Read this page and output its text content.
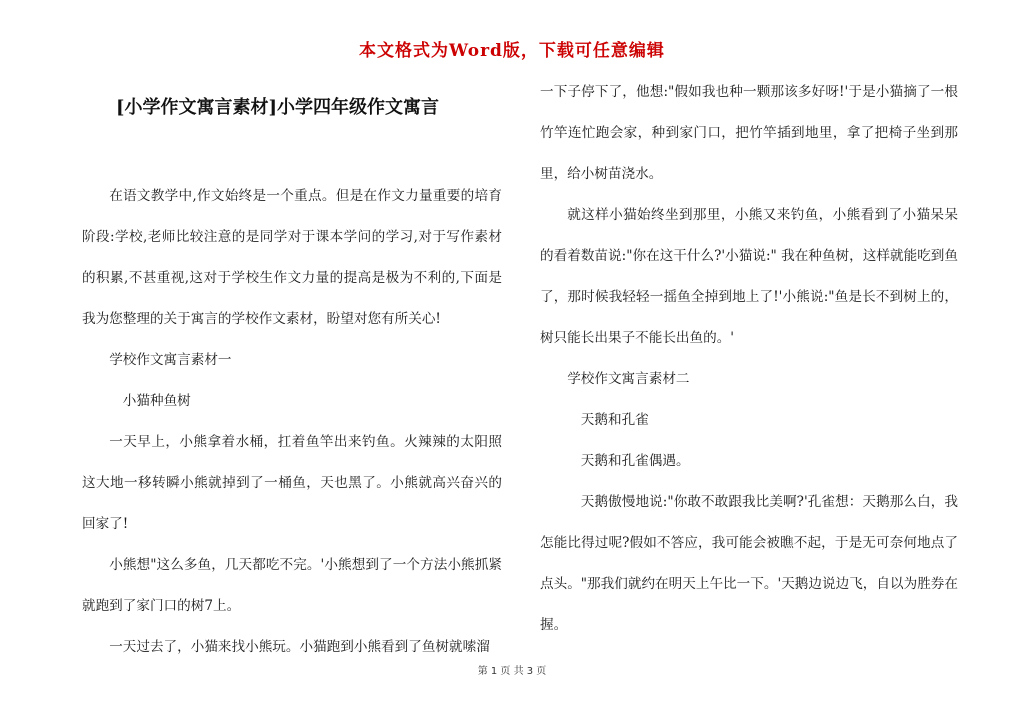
本文格式为Word版，下载可任意编辑
[小学作文寓言素材]小学四年级作文寓言

在语文教学中,作文始终是一个重点。但是在作文力量重要的培育阶段:学校,老师比较注意的是同学对于课本学问的学习,对于写作素材的积累,不甚重视,这对于学校生作文力量的提高是极为不利的,下面是我为您整理的关于寓言的学校作文素材，盼望对您有所关心!

学校作文寓言素材一

小猫种鱼树

一天早上，小熊拿着水桶，扛着鱼竿出来钓鱼。火辣辣的太阳照这大地一移转瞬小熊就掉到了一桶鱼，天也黑了。小熊就高兴奋兴的回家了!

小熊想"这么多鱼，几天都吃不完。'小熊想到了一个方法小熊抓紧就跑到了家门口的树7上。

一天过去了，小猫来找小熊玩。小猫跑到小熊看到了鱼树就嗦溜

一下子停下了，他想:"假如我也种一颗那该多好呀!'于是小猫摘了一根竹竿连忙跑会家，种到家门口，把竹竿插到地里，拿了把椅子坐到那里，给小树苗浇水。

就这样小猫始终坐到那里，小熊又来钓鱼，小熊看到了小猫呆呆的看着数苗说:"你在这干什么?'小猫说:" 我在种鱼树，这样就能吃到鱼了，那时候我轻轻一摇鱼全掉到地上了!'小熊说:"鱼是长不到树上的，树只能长出果子不能长出鱼的。'

学校作文寓言素材二

天鹅和孔雀

天鹅和孔雀偶遇。

天鹅傲慢地说:"你敢不敢跟我比美啊?'孔雀想：天鹅那么白，我怎能比得过呢?假如不答应，我可能会被瞧不起，于是无可奈何地点了点头。"那我们就约在明天上午比一下。'天鹅边说边飞，自以为胜券在握。

第 1 页 共 3 页
